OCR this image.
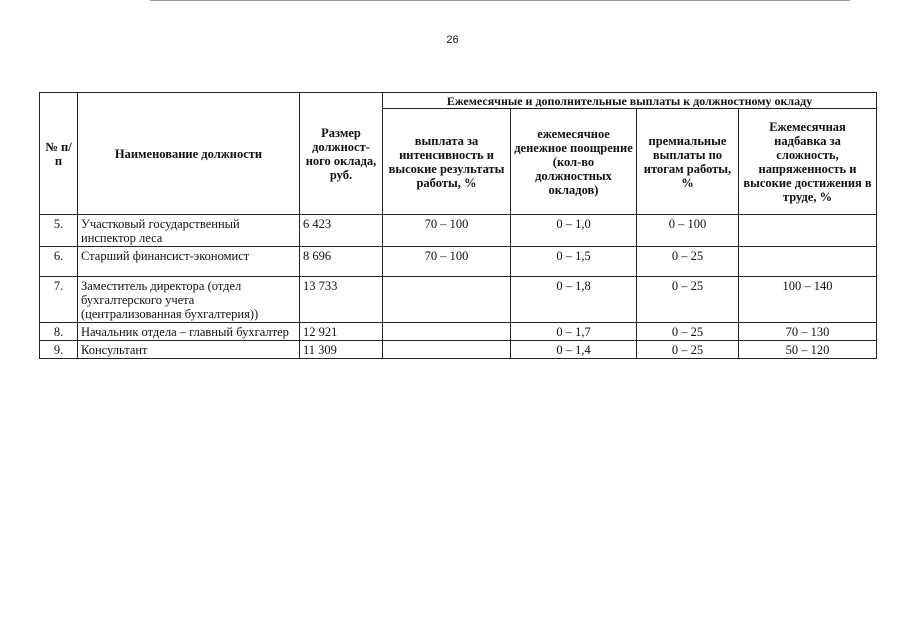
26
№ п/п	Наименование должности	Размер должност- ного оклада, руб.	Ежемесячные и дополнительные выплаты к должностному окладу			
			выплата за интенсивность и высокие результаты работы, %	ежемесячное денежное поощрение (кол-во должностных окладов)	премиальные выплаты по итогам работы, %	Ежемесячная надбавка за сложность, напряженность и высокие достижения в труде, %
5.	Участковый государственный инспектор леса	6 423	70 – 100	0 – 1,0	0 – 100	
6.	Старший финансист-экономист	8 696	70 – 100	0 – 1,5	0 – 25	
7.	Заместитель директора (отдел бухгалтерского учета (централизованная бухгалтерия))	13 733		0 – 1,8	0 – 25	100 – 140
8.	Начальник отдела – главный бухгалтер	12 921		0 – 1,7	0 – 25	70 – 130
9.	Консультант	11 309		0 – 1,4	0 – 25	50 – 120
